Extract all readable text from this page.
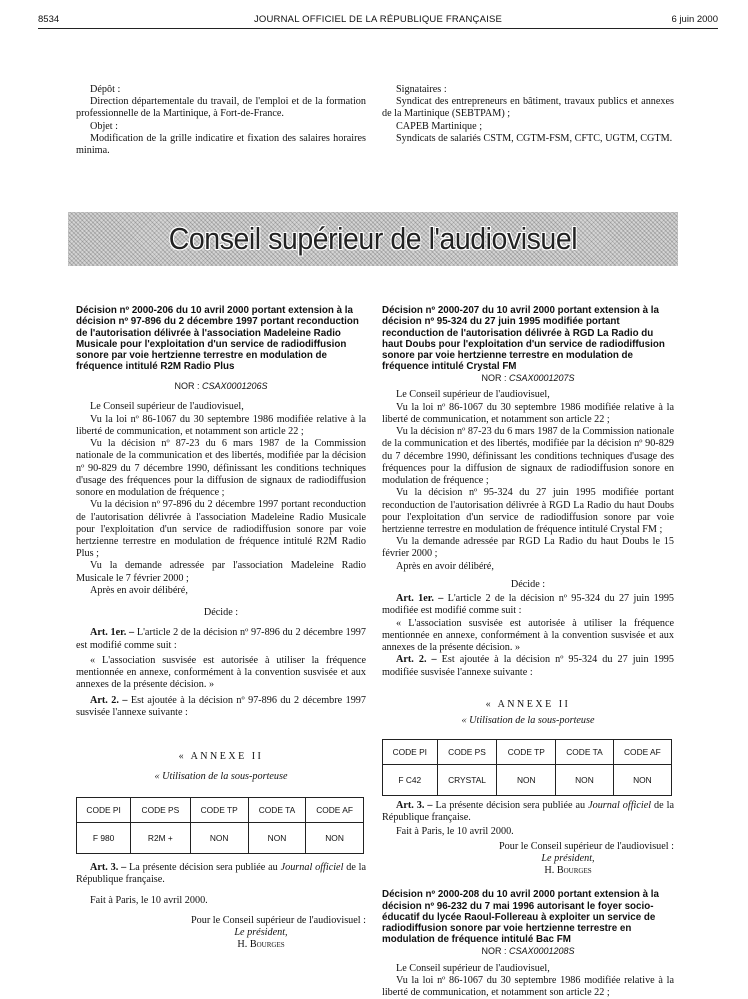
8534	JOURNAL OFFICIEL DE LA RÉPUBLIQUE FRANÇAISE	6 juin 2000

Dépôt :

Direction départementale du travail, de l'emploi et de la formation professionnelle de la Martinique, à Fort-de-France.

Objet :

Modification de la grille indicatire et fixation des salaires horaires minima.

Signataires :

Syndicat des entrepreneurs en bâtiment, travaux publics et annexes de la Martinique (SEBTPAM) ;

CAPEB Martinique ;

Syndicats de salariés CSTM, CGTM-FSM, CFTC, UGTM, CGTM.

Conseil supérieur de l'audiovisuel

Décision nº 2000-206 du 10 avril 2000 portant extension à la décision nº 97-896 du 2 décembre 1997 portant reconduction de l'autorisation délivrée à l'association Madeleine Radio Musicale pour l'exploitation d'un service de radiodiffusion sonore par voie hertzienne terrestre en modulation de fréquence intitulé R2M Radio Plus

NOR : CSAX0001206S

Le Conseil supérieur de l'audiovisuel,

Vu la loi nº 86-1067 du 30 septembre 1986 modifiée relative à la liberté de communication, et notamment son article 22 ;

Vu la décision nº 87-23 du 6 mars 1987 de la Commission nationale de la communication et des libertés, modifiée par la décision nº 90-829 du 7 décembre 1990, définissant les conditions techniques d'usage des fréquences pour la diffusion de signaux de radiodiffusion sonore en modulation de fréquence ;

Vu la décision nº 97-896 du 2 décembre 1997 portant reconduction de l'autorisation délivrée à l'association Madeleine Radio Musicale pour l'exploitation d'un service de radiodiffusion sonore par voie hertzienne terrestre en modulation de fréquence intitulé R2M Radio Plus ;

Vu la demande adressée par l'association Madeleine Radio Musicale le 7 février 2000 ;

Après en avoir délibéré,

Décide :

Art. 1er. – L'article 2 de la décision nº 97-896 du 2 décembre 1997 est modifié comme suit :

« L'association susvisée est autorisée à utiliser la fréquence mentionnée en annexe, conformément à la convention susvisée et aux annexes de la présente décision. »

Art. 2. – Est ajoutée à la décision nº 97-896 du 2 décembre 1997 susvisée l'annexe suivante :

« ANNEXE II

« Utilisation de la sous-porteuse

CODE PI	CODE PS	CODE TP	CODE TA	CODE AF
F 980	R2M +	NON	NON	NON

Art. 3. – La présente décision sera publiée au Journal officiel de la République française.

Fait à Paris, le 10 avril 2000.

Pour le Conseil supérieur de l'audiovisuel :

Le président,

H. Bourges

Décision nº 2000-207 du 10 avril 2000 portant extension à la décision nº 95-324 du 27 juin 1995 modifiée portant reconduction de l'autorisation délivrée à RGD La Radio du haut Doubs pour l'exploitation d'un service de radiodiffusion sonore par voie hertzienne terrestre en modulation de fréquence intitulé Crystal FM

NOR : CSAX0001207S

Le Conseil supérieur de l'audiovisuel,

Vu la loi nº 86-1067 du 30 septembre 1986 modifiée relative à la liberté de communication, et notamment son article 22 ;

Vu la décision nº 87-23 du 6 mars 1987 de la Commission nationale de la communication et des libertés, modifiée par la décision nº 90-829 du 7 décembre 1990, définissant les conditions techniques d'usage des fréquences pour la diffusion de signaux de radiodiffusion sonore en modulation de fréquence ;

Vu la décision nº 95-324 du 27 juin 1995 modifiée portant reconduction de l'autorisation délivrée à RGD La Radio du haut Doubs pour l'exploitation d'un service de radiodiffusion sonore par voie hertzienne terrestre en modulation de fréquence intitulé Crystal FM ;

Vu la demande adressée par RGD La Radio du haut Doubs le 15 février 2000 ;

Après en avoir délibéré,

Décide :

Art. 1er. – L'article 2 de la décision nº 95-324 du 27 juin 1995 modifiée est modifié comme suit :

« L'association susvisée est autorisée à utiliser la fréquence mentionnée en annexe, conformément à la convention susvisée et aux annexes de la présente décision. »

Art. 2. – Est ajoutée à la décision nº 95-324 du 27 juin 1995 modifiée susvisée l'annexe suivante :

« ANNEXE II

« Utilisation de la sous-porteuse

CODE PI	CODE PS	CODE TP	CODE TA	CODE AF
F C42	CRYSTAL	NON	NON	NON

Art. 3. – La présente décision sera publiée au Journal officiel de la République française.

Fait à Paris, le 10 avril 2000.

Pour le Conseil supérieur de l'audiovisuel :

Le président,

H. Bourges

Décision nº 2000-208 du 10 avril 2000 portant extension à la décision nº 96-232 du 7 mai 1996 autorisant le foyer socio-éducatif du lycée Raoul-Follereau à exploiter un service de radiodiffusion sonore par voie hertzienne terrestre en modulation de fréquence intitulé Bac FM

NOR : CSAX0001208S

Le Conseil supérieur de l'audiovisuel,

Vu la loi nº 86-1067 du 30 septembre 1986 modifiée relative à la liberté de communication, et notamment son article 22 ;
